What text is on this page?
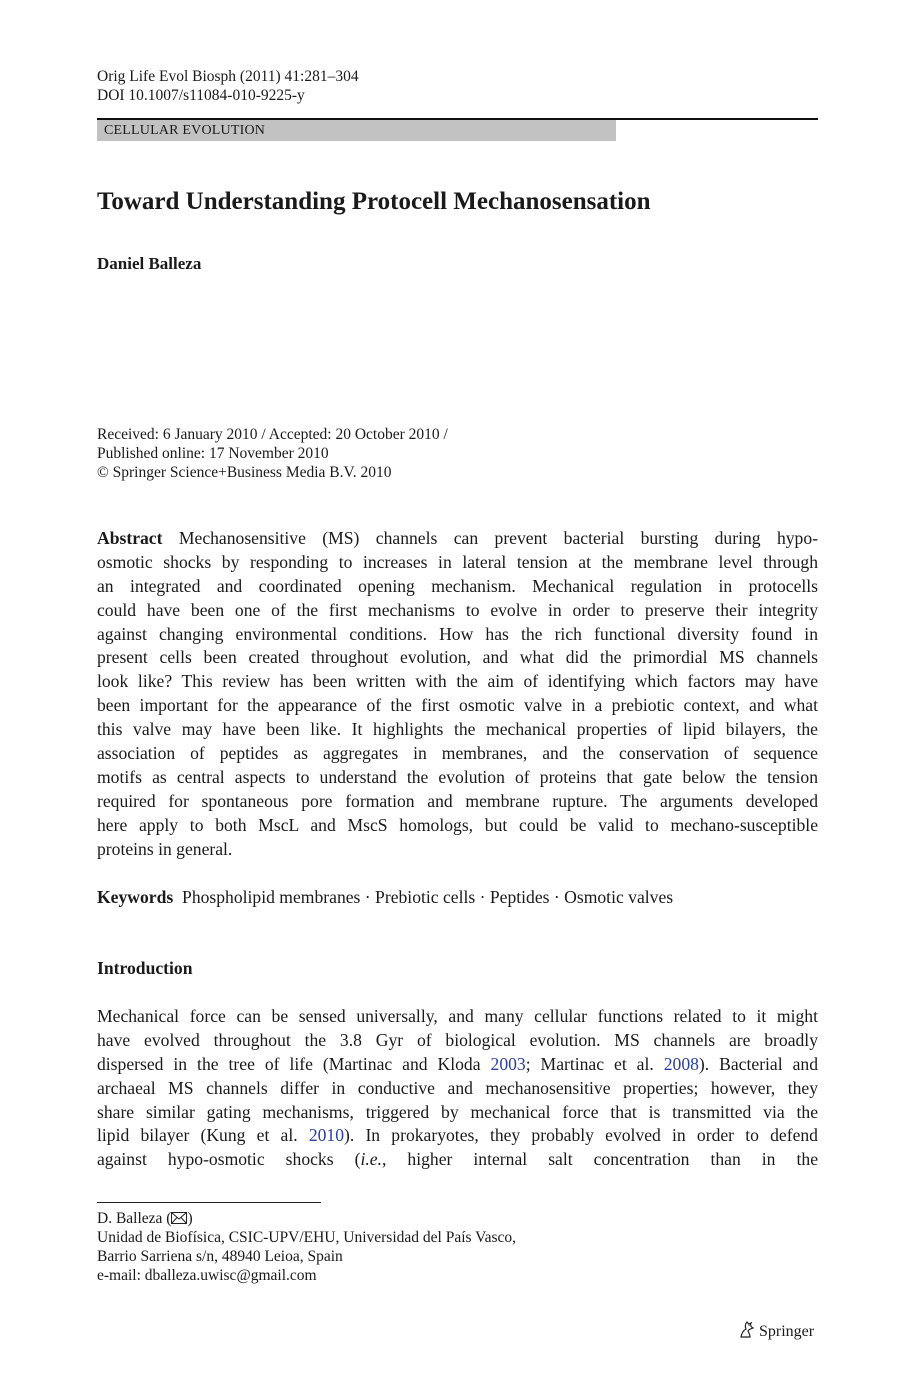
Orig Life Evol Biosph (2011) 41:281–304
DOI 10.1007/s11084-010-9225-y
CELLULAR EVOLUTION
Toward Understanding Protocell Mechanosensation
Daniel Balleza
Received: 6 January 2010 / Accepted: 20 October 2010 /
Published online: 17 November 2010
© Springer Science+Business Media B.V. 2010
Abstract Mechanosensitive (MS) channels can prevent bacterial bursting during hypo-
osmotic shocks by responding to increases in lateral tension at the membrane level through
an integrated and coordinated opening mechanism. Mechanical regulation in protocells
could have been one of the first mechanisms to evolve in order to preserve their integrity
against changing environmental conditions. How has the rich functional diversity found in
present cells been created throughout evolution, and what did the primordial MS channels
look like? This review has been written with the aim of identifying which factors may have
been important for the appearance of the first osmotic valve in a prebiotic context, and what
this valve may have been like. It highlights the mechanical properties of lipid bilayers, the
association of peptides as aggregates in membranes, and the conservation of sequence
motifs as central aspects to understand the evolution of proteins that gate below the tension
required for spontaneous pore formation and membrane rupture. The arguments developed
here apply to both MscL and MscS homologs, but could be valid to mechano-susceptible
proteins in general.
Keywords Phospholipid membranes · Prebiotic cells · Peptides · Osmotic valves
Introduction
Mechanical force can be sensed universally, and many cellular functions related to it might
have evolved throughout the 3.8 Gyr of biological evolution. MS channels are broadly
dispersed in the tree of life (Martinac and Kloda 2003; Martinac et al. 2008). Bacterial and
archaeal MS channels differ in conductive and mechanosensitive properties; however, they
share similar gating mechanisms, triggered by mechanical force that is transmitted via the
lipid bilayer (Kung et al. 2010). In prokaryotes, they probably evolved in order to defend
against hypo-osmotic shocks (i.e., higher internal salt concentration than in the
D. Balleza ( )
Unidad de Biofísica, CSIC-UPV/EHU, Universidad del País Vasco,
Barrio Sarriena s/n, 48940 Leioa, Spain
e-mail: dballeza.uwisc@gmail.com
Springer
